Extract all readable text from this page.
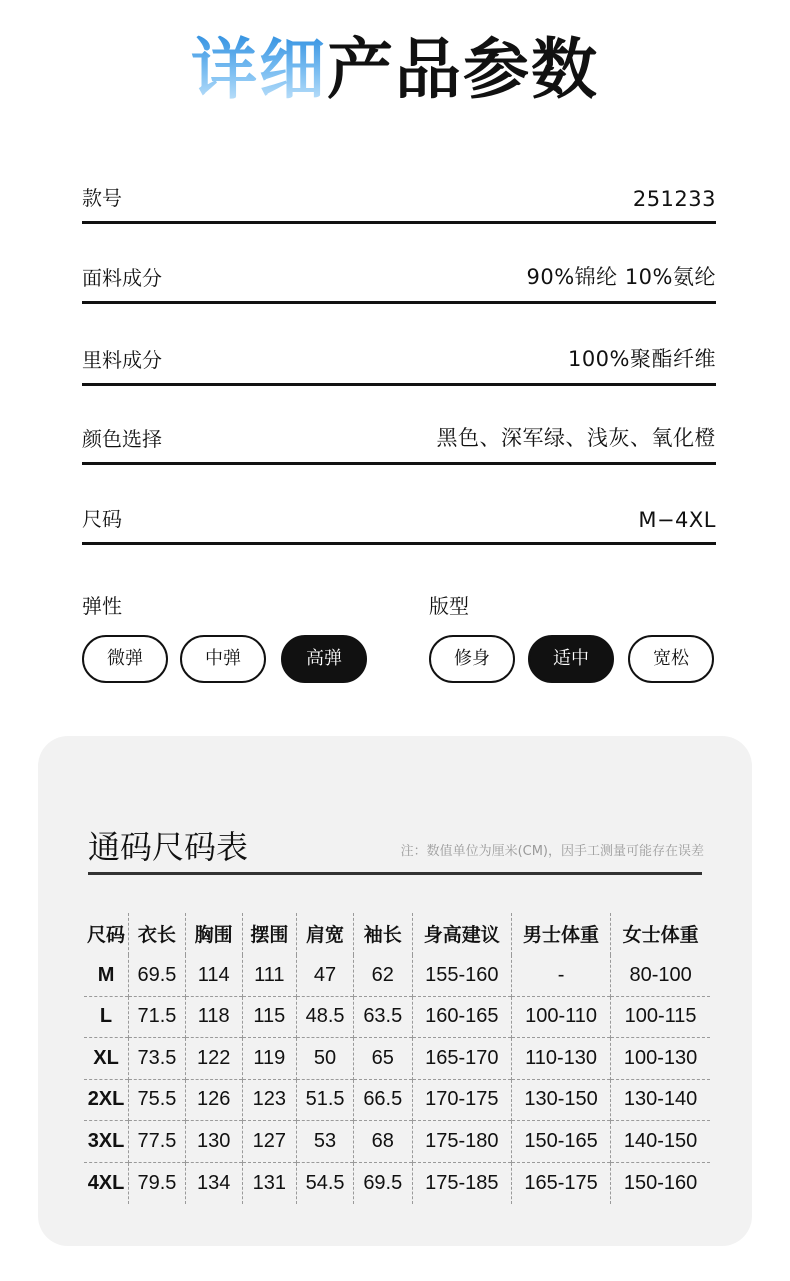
详细产品参数
款号	251233
面料成分	90%锦纶 10%氨纶
里料成分	100%聚酯纤维
颜色选择	黑色、深军绿、浅灰、氧化橙
尺码	M−4XL
弹性	版型
微弹	中弹	高弹	修身	适中	宽松
通码尺码表	注：数值单位为厘米(CM)，因手工测量可能存在误差
尺码	衣长	胸围	摆围	肩宽	袖长	身高建议	男士体重	女士体重
M	69.5	114	111	47	62	155-160	-	80-100
L	71.5	118	115	48.5	63.5	160-165	100-110	100-115
XL	73.5	122	119	50	65	165-170	110-130	100-130
2XL	75.5	126	123	51.5	66.5	170-175	130-150	130-140
3XL	77.5	130	127	53	68	175-180	150-165	140-150
4XL	79.5	134	131	54.5	69.5	175-185	165-175	150-160
